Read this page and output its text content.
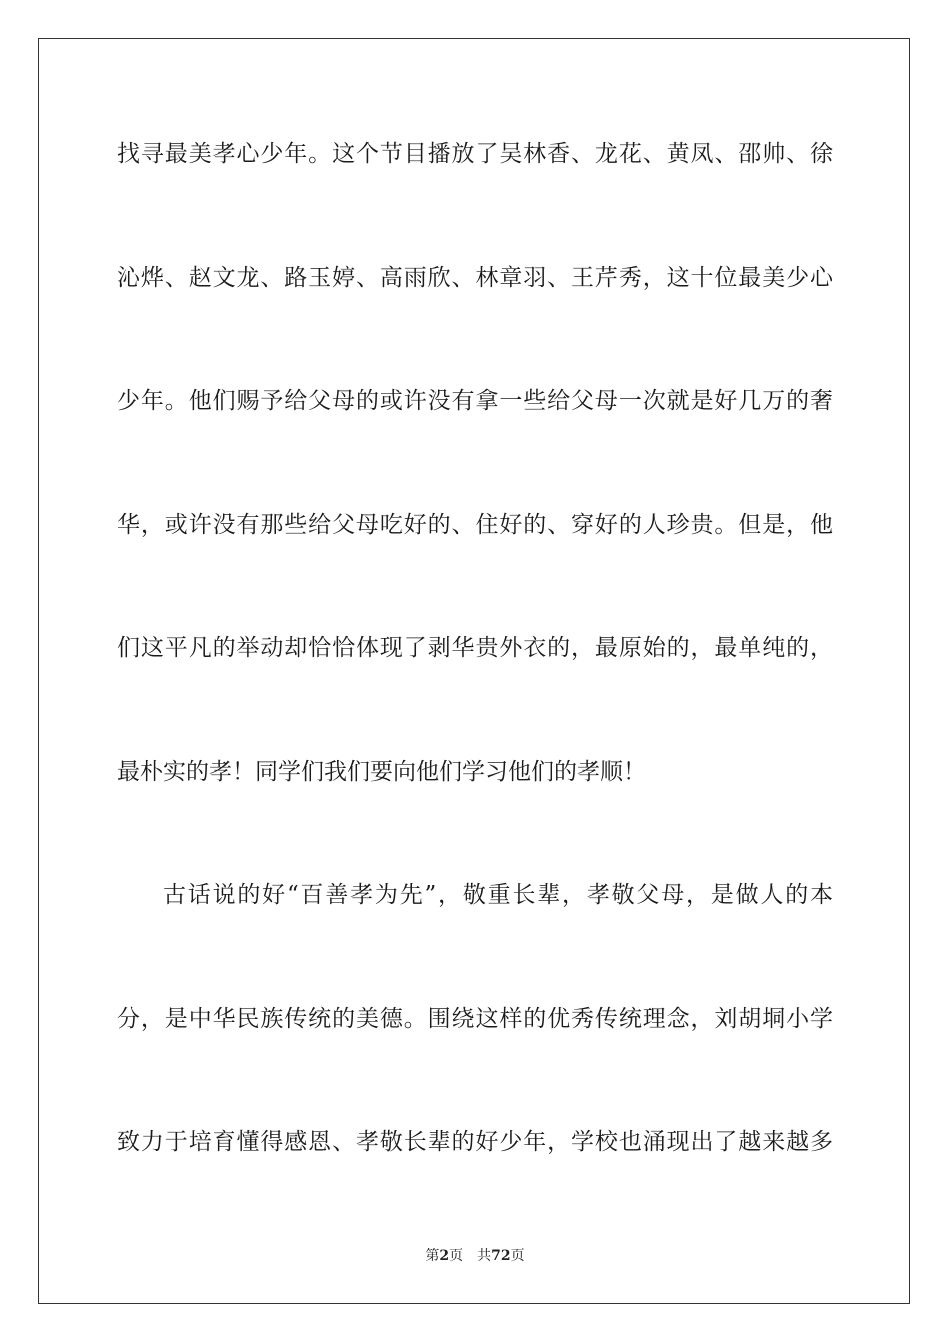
找寻最美孝心少年。这个节目播放了吴林香、龙花、黄凤、邵帅、徐
沁烨、赵文龙、路玉婷、高雨欣、林章羽、王芹秀，这十位最美少心
少年。他们赐予给父母的或许没有拿一些给父母一次就是好几万的奢
华，或许没有那些给父母吃好的、住好的、穿好的人珍贵。但是，他
们这平凡的举动却恰恰体现了剥华贵外衣的，最原始的，最单纯的，
最朴实的孝！同学们我们要向他们学习他们的孝顺！
古话说的好“百善孝为先”，敬重长辈，孝敬父母，是做人的本
分，是中华民族传统的美德。围绕这样的优秀传统理念，刘胡垌小学
致力于培育懂得感恩、孝敬长辈的好少年，学校也涌现出了越来越多
第2页 共72页
